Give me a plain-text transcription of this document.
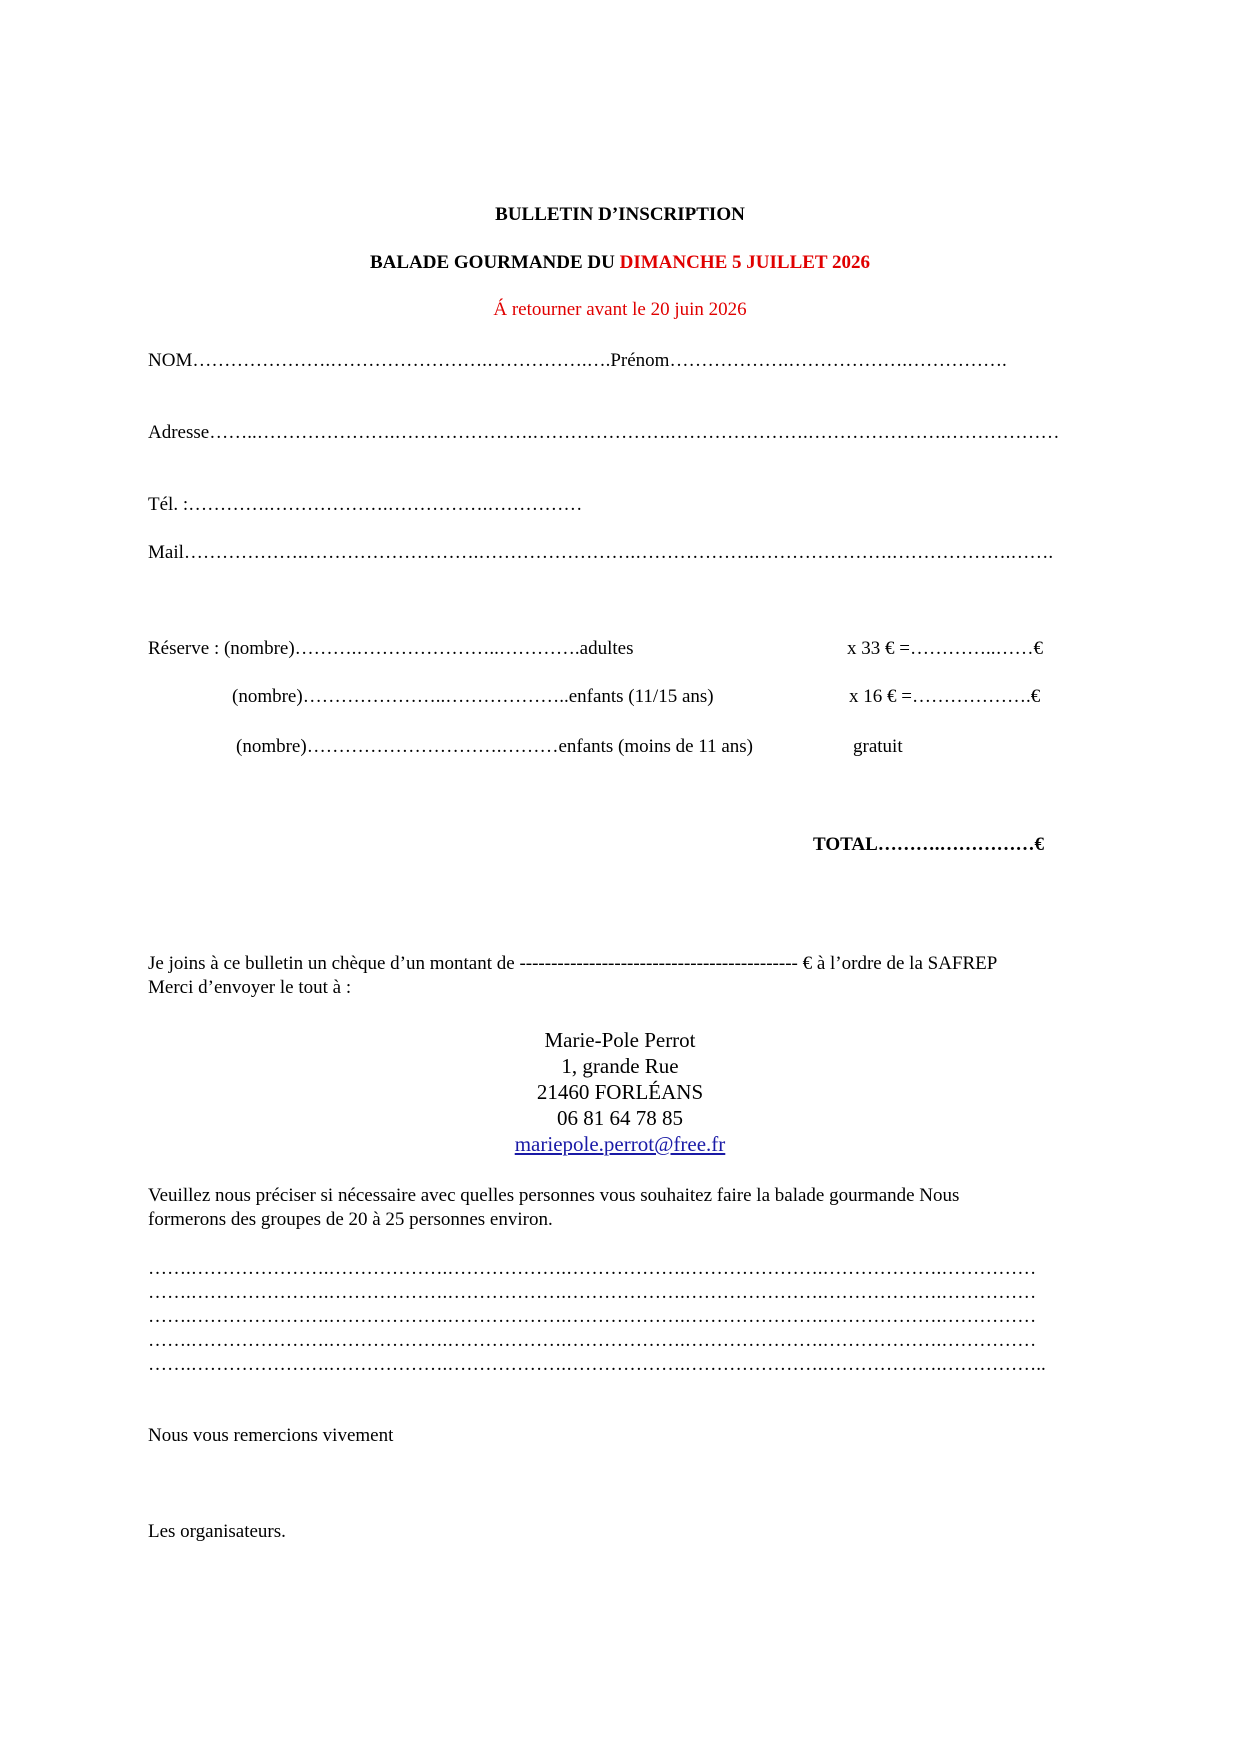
BULLETIN D’INSCRIPTION
BALADE GOURMANDE DU DIMANCHE 5 JUILLET 2026
Á retourner avant le 20 juin 2026
NOM………………….…………………….…………….….Prénom……………….……………….…………….
Adresse……..………………….………………….………………….………………….………………….………………
Tél. :………….……………….…………….……………
Mail……………….……………………….…………………….……………….………………….……………….…….
Réserve : (nombre)……….…………………..………….adultes	x 33 € =…………..……€
(nombre)…………………..………………..enfants (11/15 ans)	x 16 € =……………….€
(nombre)………………………….………enfants (moins de 11 ans)	gratuit
TOTAL……….……………€
Je joins à ce bulletin un chèque d’un montant de -------------------------------------------- € à l’ordre de la SAFREP
Merci d’envoyer le tout à :
Marie-Pole Perrot
1, grande Rue
21460 FORLÉANS
06 81 64 78 85
mariepole.perrot@free.fr
Veuillez nous préciser si nécessaire avec quelles personnes vous souhaitez faire la balade gourmande Nous
formerons des groupes de 20 à 25 personnes environ.
…….………………….……………….……………….……………….………………….……………….……………
…….………………….……………….……………….……………….………………….……………….……………
…….………………….……………….……………….……………….………………….……………….……………
…….………………….……………….……………….……………….………………….……………….……………
…….………………….……………….……………….……………….………………….……………….……………..
Nous vous remercions vivement
Les organisateurs.
